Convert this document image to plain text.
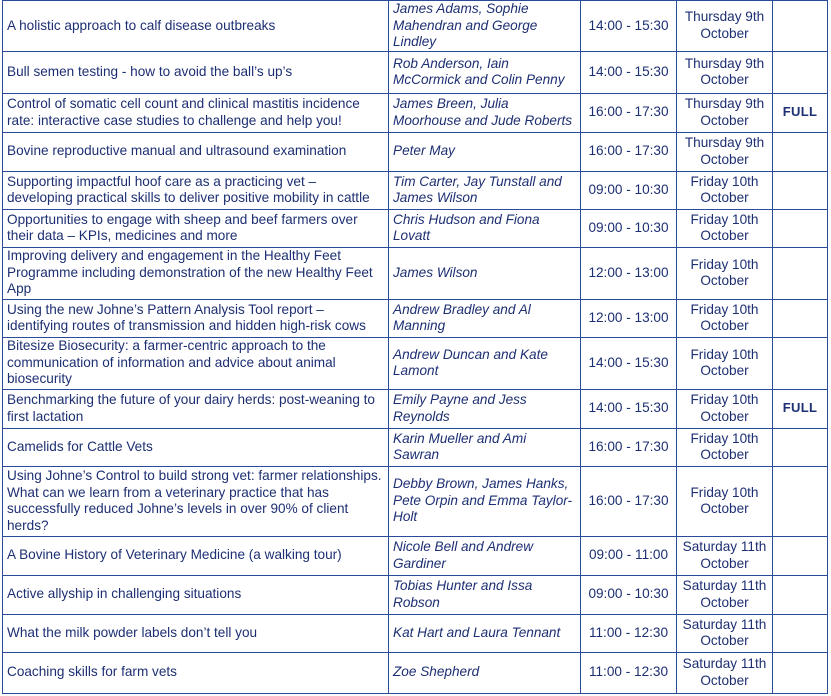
A holistic approach to calf disease outbreaks	James Adams, Sophie Mahendran and George Lindley	14:00 - 15:30	Thursday 9th October	
Bull semen testing - how to avoid the ball’s up’s	Rob Anderson, Iain McCormick and Colin Penny	14:00 - 15:30	Thursday 9th October	
Control of somatic cell count and clinical mastitis incidence rate: interactive case studies to challenge and help you!	James Breen, Julia Moorhouse and Jude Roberts	16:00 - 17:30	Thursday 9th October	FULL
Bovine reproductive manual and ultrasound examination	Peter May	16:00 - 17:30	Thursday 9th October	
Supporting impactful hoof care as a practicing vet – developing practical skills to deliver positive mobility in cattle	Tim Carter, Jay Tunstall and James Wilson	09:00 - 10:30	Friday 10th October	
Opportunities to engage with sheep and beef farmers over their data – KPIs, medicines and more	Chris Hudson and Fiona Lovatt	09:00 - 10:30	Friday 10th October	
Improving delivery and engagement in the Healthy Feet Programme including demonstration of the new Healthy Feet App	James Wilson	12:00 - 13:00	Friday 10th October	
Using the new Johne’s Pattern Analysis Tool report – identifying routes of transmission and hidden high-risk cows	Andrew Bradley and Al Manning	12:00 - 13:00	Friday 10th October	
Bitesize Biosecurity: a farmer-centric approach to the communication of information and advice about animal biosecurity	Andrew Duncan and Kate Lamont	14:00 - 15:30	Friday 10th October	
Benchmarking the future of your dairy herds: post-weaning to first lactation	Emily Payne and Jess Reynolds	14:00 - 15:30	Friday 10th October	FULL
Camelids for Cattle Vets	Karin Mueller and Ami Sawran	16:00 - 17:30	Friday 10th October	
Using Johne’s Control to build strong vet: farmer relationships. What can we learn from a veterinary practice that has successfully reduced Johne’s levels in over 90% of client herds?	Debby Brown, James Hanks, Pete Orpin and Emma Taylor-Holt	16:00 - 17:30	Friday 10th October	
A Bovine History of Veterinary Medicine (a walking tour)	Nicole Bell and Andrew Gardiner	09:00 - 11:00	Saturday 11th October	
Active allyship in challenging situations	Tobias Hunter and Issa Robson	09:00 - 10:30	Saturday 11th October	
What the milk powder labels don’t tell you	Kat Hart and Laura Tennant	11:00 - 12:30	Saturday 11th October	
Coaching skills for farm vets	Zoe Shepherd	11:00 - 12:30	Saturday 11th October	
